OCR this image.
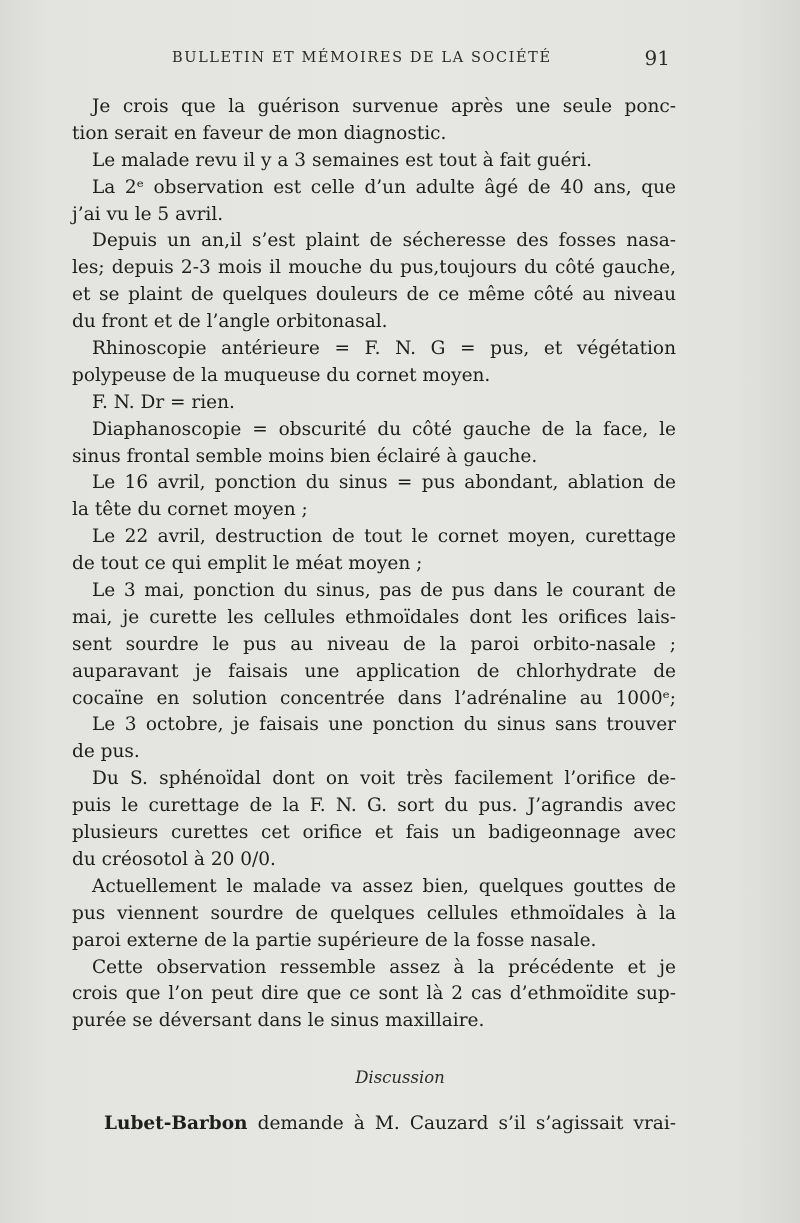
BULLETIN ET MÉMOIRES DE LA SOCIÉTÉ	91
Je crois que la guérison survenue après une seule ponc-
tion serait en faveur de mon diagnostic.
Le malade revu il y a 3 semaines est tout à fait guéri.
La 2ᵉ observation est celle d’un adulte âgé de 40 ans, que
j’ai vu le 5 avril.
Depuis un an,il s’est plaint de sécheresse des fosses nasa-
les; depuis 2-3 mois il mouche du pus,toujours du côté gauche,
et se plaint de quelques douleurs de ce même côté au niveau
du front et de l’angle orbitonasal.
Rhinoscopie antérieure = F. N. G = pus, et végétation
polypeuse de la muqueuse du cornet moyen.
F. N. Dr = rien.
Diaphanoscopie = obscurité du côté gauche de la face, le
sinus frontal semble moins bien éclairé à gauche.
Le 16 avril, ponction du sinus = pus abondant, ablation de
la tête du cornet moyen ;
Le 22 avril, destruction de tout le cornet moyen, curettage
de tout ce qui emplit le méat moyen ;
Le 3 mai, ponction du sinus, pas de pus dans le courant de
mai, je curette les cellules ethmoïdales dont les orifices lais-
sent sourdre le pus au niveau de la paroi orbito-nasale ;
auparavant je faisais une application de chlorhydrate de
cocaïne en solution concentrée dans l’adrénaline au 1000ᵉ;
Le 3 octobre, je faisais une ponction du sinus sans trouver
de pus.
Du S. sphénoïdal dont on voit très facilement l’orifice de-
puis le curettage de la F. N. G. sort du pus. J’agrandis avec
plusieurs curettes cet orifice et fais un badigeonnage avec
du créosotol à 20 0/0.
Actuellement le malade va assez bien, quelques gouttes de
pus viennent sourdre de quelques cellules ethmoïdales à la
paroi externe de la partie supérieure de la fosse nasale.
Cette observation ressemble assez à la précédente et je
crois que l’on peut dire que ce sont là 2 cas d’ethmoïdite sup-
purée se déversant dans le sinus maxillaire.
Discussion
Lubet-Barbon demande à M. Cauzard s’il s’agissait vrai-
